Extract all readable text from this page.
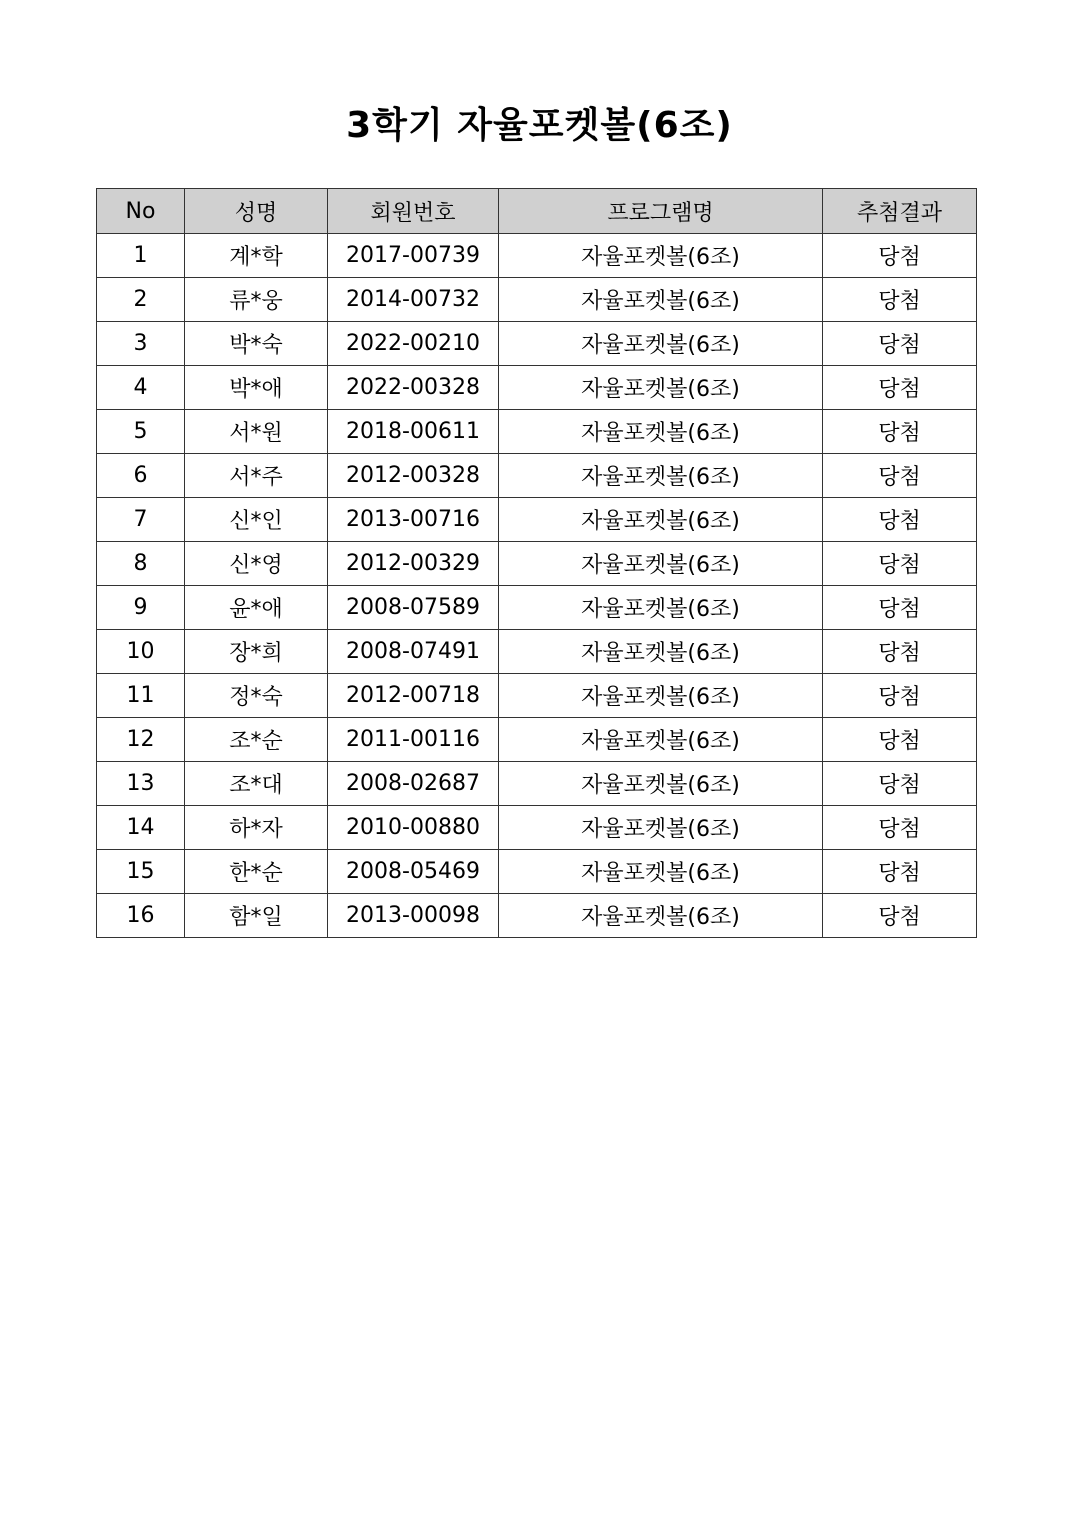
3학기 자율포켓볼(6조)
No	성명	회원번호	프로그램명	추첨결과
1	계*학	2017-00739	자율포켓볼(6조)	당첨
2	류*웅	2014-00732	자율포켓볼(6조)	당첨
3	박*숙	2022-00210	자율포켓볼(6조)	당첨
4	박*애	2022-00328	자율포켓볼(6조)	당첨
5	서*원	2018-00611	자율포켓볼(6조)	당첨
6	서*주	2012-00328	자율포켓볼(6조)	당첨
7	신*인	2013-00716	자율포켓볼(6조)	당첨
8	신*영	2012-00329	자율포켓볼(6조)	당첨
9	윤*애	2008-07589	자율포켓볼(6조)	당첨
10	장*희	2008-07491	자율포켓볼(6조)	당첨
11	정*숙	2012-00718	자율포켓볼(6조)	당첨
12	조*순	2011-00116	자율포켓볼(6조)	당첨
13	조*대	2008-02687	자율포켓볼(6조)	당첨
14	하*자	2010-00880	자율포켓볼(6조)	당첨
15	한*순	2008-05469	자율포켓볼(6조)	당첨
16	함*일	2013-00098	자율포켓볼(6조)	당첨
